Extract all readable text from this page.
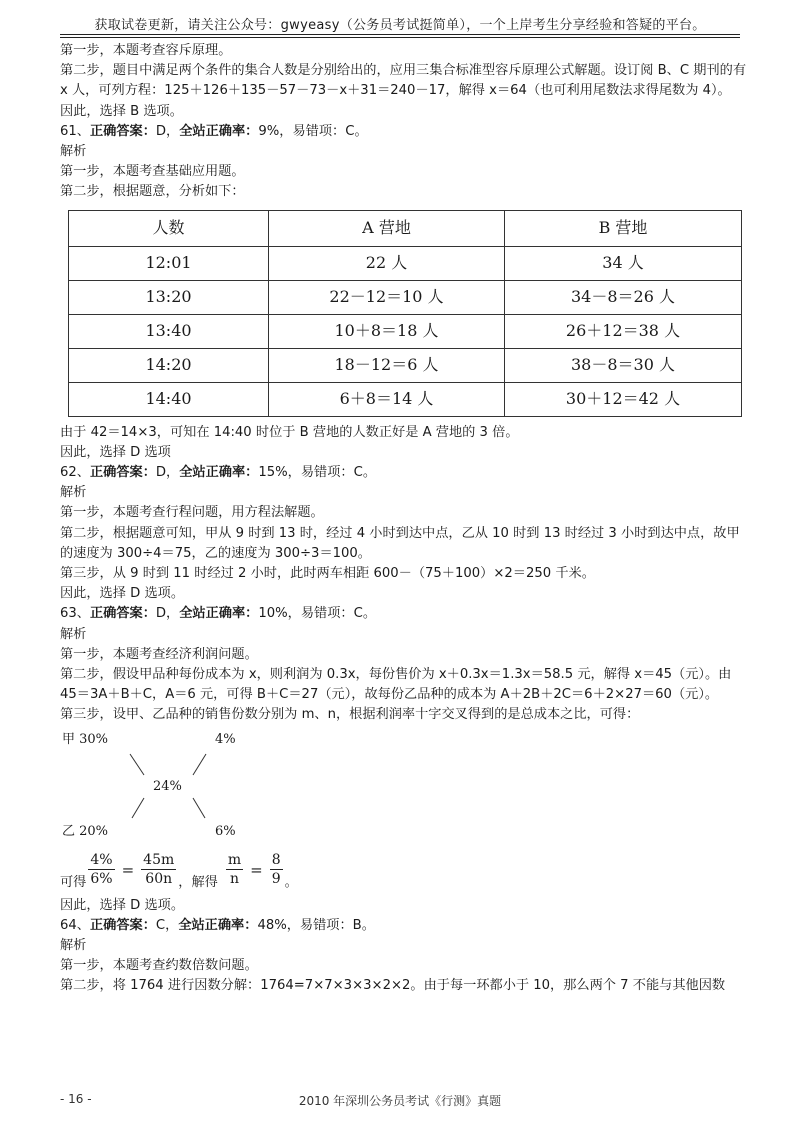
获取试卷更新，请关注公众号：gwyeasy（公务员考试挺简单），一个上岸考生分享经验和答疑的平台。

第一步，本题考查容斥原理。

第二步，题目中满足两个条件的集合人数是分别给出的，应用三集合标准型容斥原理公式解题。设订阅 B、C 期刊的有 x 人，可列方程：125＋126＋135－57－73－x＋31＝240－17，解得 x＝64（也可利用尾数法求得尾数为 4）。

因此，选择 B 选项。

61、正确答案：D，全站正确率：9%，易错项：C。

解析

第一步，本题考查基础应用题。

第二步，根据题意，分析如下：

人数	A 营地	B 营地
12:01	22 人	34 人
13:20	22－12＝10 人	34－8＝26 人
13:40	10＋8＝18 人	26＋12＝38 人
14:20	18－12＝6 人	38－8＝30 人
14:40	6＋8＝14 人	30＋12＝42 人

由于 42＝14×3，可知在 14:40 时位于 B 营地的人数正好是 A 营地的 3 倍。

因此，选择 D 选项

62、正确答案：D，全站正确率：15%，易错项：C。

解析

第一步，本题考查行程问题，用方程法解题。

第二步，根据题意可知，甲从 9 时到 13 时，经过 4 小时到达中点，乙从 10 时到 13 时经过 3 小时到达中点，故甲的速度为 300÷4＝75，乙的速度为 300÷3＝100。

第三步，从 9 时到 11 时经过 2 小时，此时两车相距 600－（75＋100）×2＝250 千米。

因此，选择 D 选项。

63、正确答案：D，全站正确率：10%，易错项：C。

解析

第一步，本题考查经济利润问题。

第二步，假设甲品种每份成本为 x，则利润为 0.3x，每份售价为 x＋0.3x＝1.3x＝58.5 元，解得 x＝45（元）。由 45＝3A＋B＋C，A＝6 元，可得 B＋C＝27（元），故每份乙品种的成本为 A＋2B＋2C＝6＋2×27＝60（元）。

第三步，设甲、乙品种的销售份数分别为 m、n，根据利润率十字交叉得到的是总成本之比，可得：

甲 30%	4%
24%
乙 20%	6%
可得 $\frac{4\%}{6\%} = \frac{45m}{60n}$ ，解得 $\frac{m}{n} = \frac{8}{9}$ 。

因此，选择 D 选项。

64、正确答案：C，全站正确率：48%，易错项：B。

解析

第一步，本题考查约数倍数问题。

第二步，将 1764 进行因数分解：1764=7×7×3×3×2×2。由于每一环都小于 10，那么两个 7 不能与其他因数

- 16 -	2010 年深圳公务员考试《行测》真题
